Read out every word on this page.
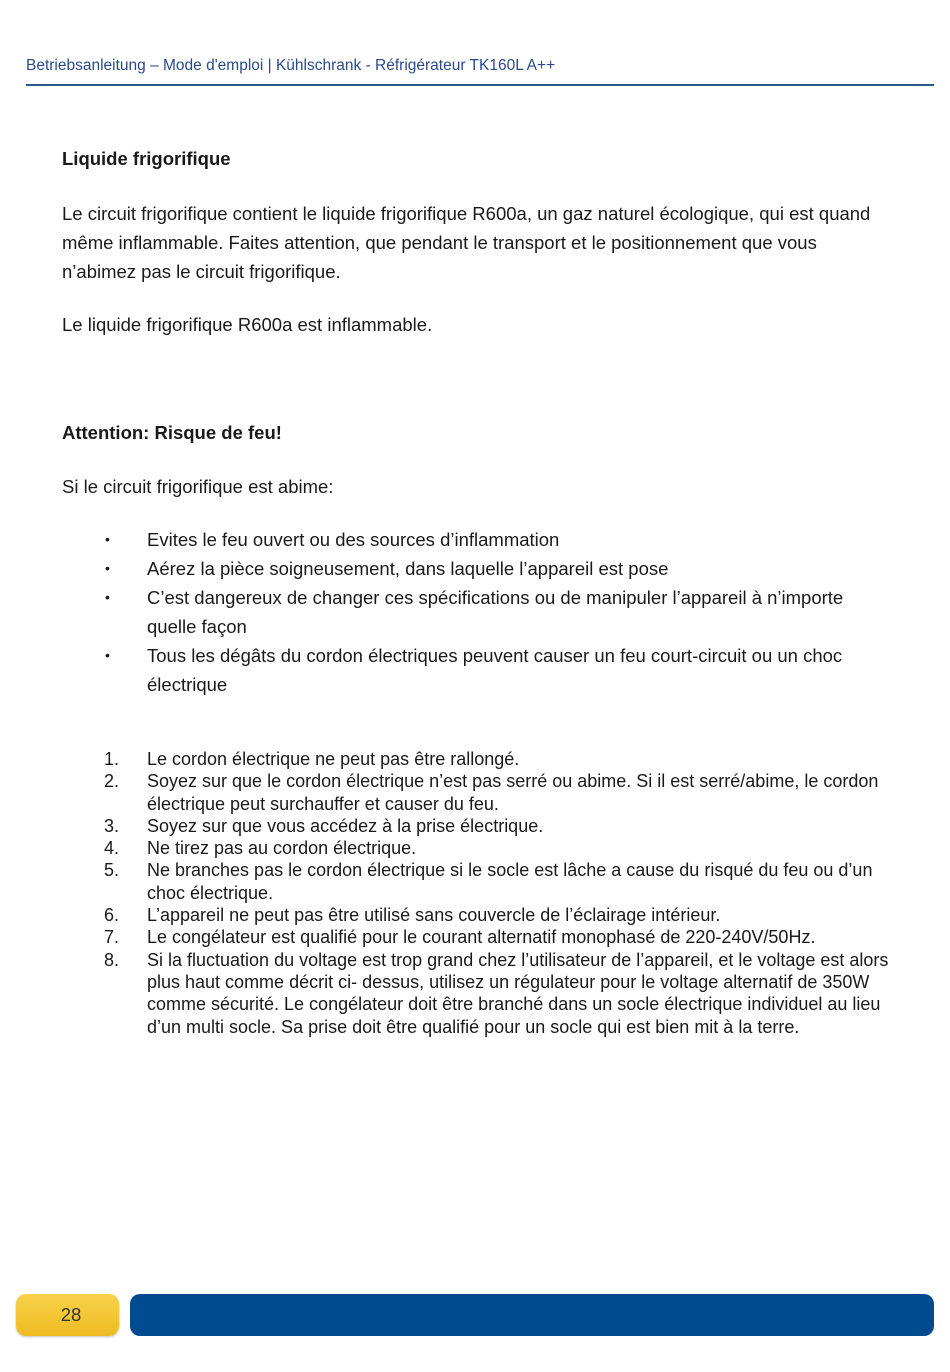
Betriebsanleitung – Mode d'emploi | Kühlschrank - Réfrigérateur TK160L A++
Liquide frigorifique
Le circuit frigorifique contient le liquide frigorifique R600a, un gaz naturel écologique, qui est quand même inflammable. Faites attention, que pendant le transport et le positionnement que vous n’abimez pas le circuit frigorifique.
Le liquide frigorifique R600a est inflammable.
Attention: Risque de feu!
Si le circuit frigorifique est abime:
• Evites le feu ouvert ou des sources d’inflammation
• Aérez la pièce soigneusement, dans laquelle l’appareil est pose
• C’est dangereux de changer ces spécifications ou de manipuler l’appareil à n’importe quelle façon
• Tous les dégâts du cordon électriques peuvent causer un feu court-circuit ou un choc électrique
1. Le cordon électrique ne peut pas être rallongé.
2. Soyez sur que le cordon électrique n’est pas serré ou abime. Si il est serré/abime, le cordon électrique peut surchauffer et causer du feu.
3. Soyez sur que vous accédez à la prise électrique.
4. Ne tirez pas au cordon électrique.
5. Ne branches pas le cordon électrique si le socle est lâche a cause du risqué du feu ou d’un choc électrique.
6. L’appareil ne peut pas être utilisé sans couvercle de l’éclairage intérieur.
7. Le congélateur est qualifié pour le courant alternatif monophasé de 220-240V/50Hz.
8. Si la fluctuation du voltage est trop grand chez l’utilisateur de l’appareil, et le voltage est alors plus haut comme décrit ci- dessus, utilisez un régulateur pour le voltage alternatif de 350W comme sécurité. Le congélateur doit être branché dans un socle électrique individuel au lieu d’un multi socle. Sa prise doit être qualifié pour un socle qui est bien mit à la terre.
28
